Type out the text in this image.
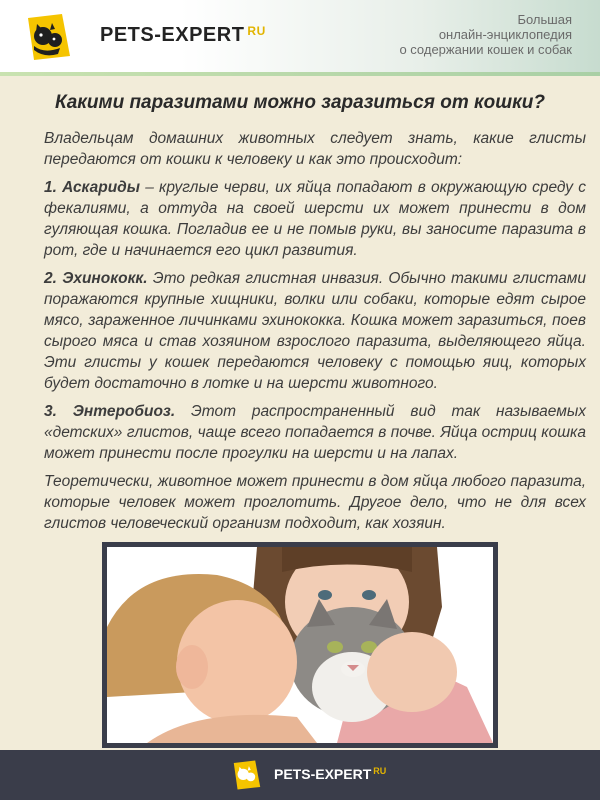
PETS-EXPERT $^{RU}$
Большая
онлайн-энциклопедия
о содержании кошек и собак
Какими паразитами можно заразиться от кошки?

Владельцам домашних животных следует знать, какие глисты передаются от кошки к человеку и как это происходит:

1. Аскариды – круглые черви, их яйца попадают в окружающую среду с фекалиями, а оттуда на своей шерсти их может принести в дом гуляющая кошка. Погладив ее и не помыв руки, вы заносите паразита в рот, где и начинается его цикл развития.

2. Эхинококк. Это редкая глистная инвазия. Обычно такими глистами поражаются крупные хищники, волки или собаки, которые едят сырое мясо, зараженное личинками эхинококка. Кошка может заразиться, поев сырого мяса и став хозяином взрослого паразита, выделяющего яйца. Эти глисты у кошек передаются человеку с помощью яиц, которых будет достаточно в лотке и на шерсти животного.

3. Энтеробиоз. Этот распространенный вид так называемых «детских» глистов, чаще всего попадается в почве. Яйца остриц кошка может принести после прогулки на шерсти и на лапах.

Теоретически, животное может принести в дом яйца любого паразита, которые человек может проглотить. Другое дело, что не для всех глистов человеческий организм подходит, как хозяин.

PETS-EXPERT $^{RU}$
